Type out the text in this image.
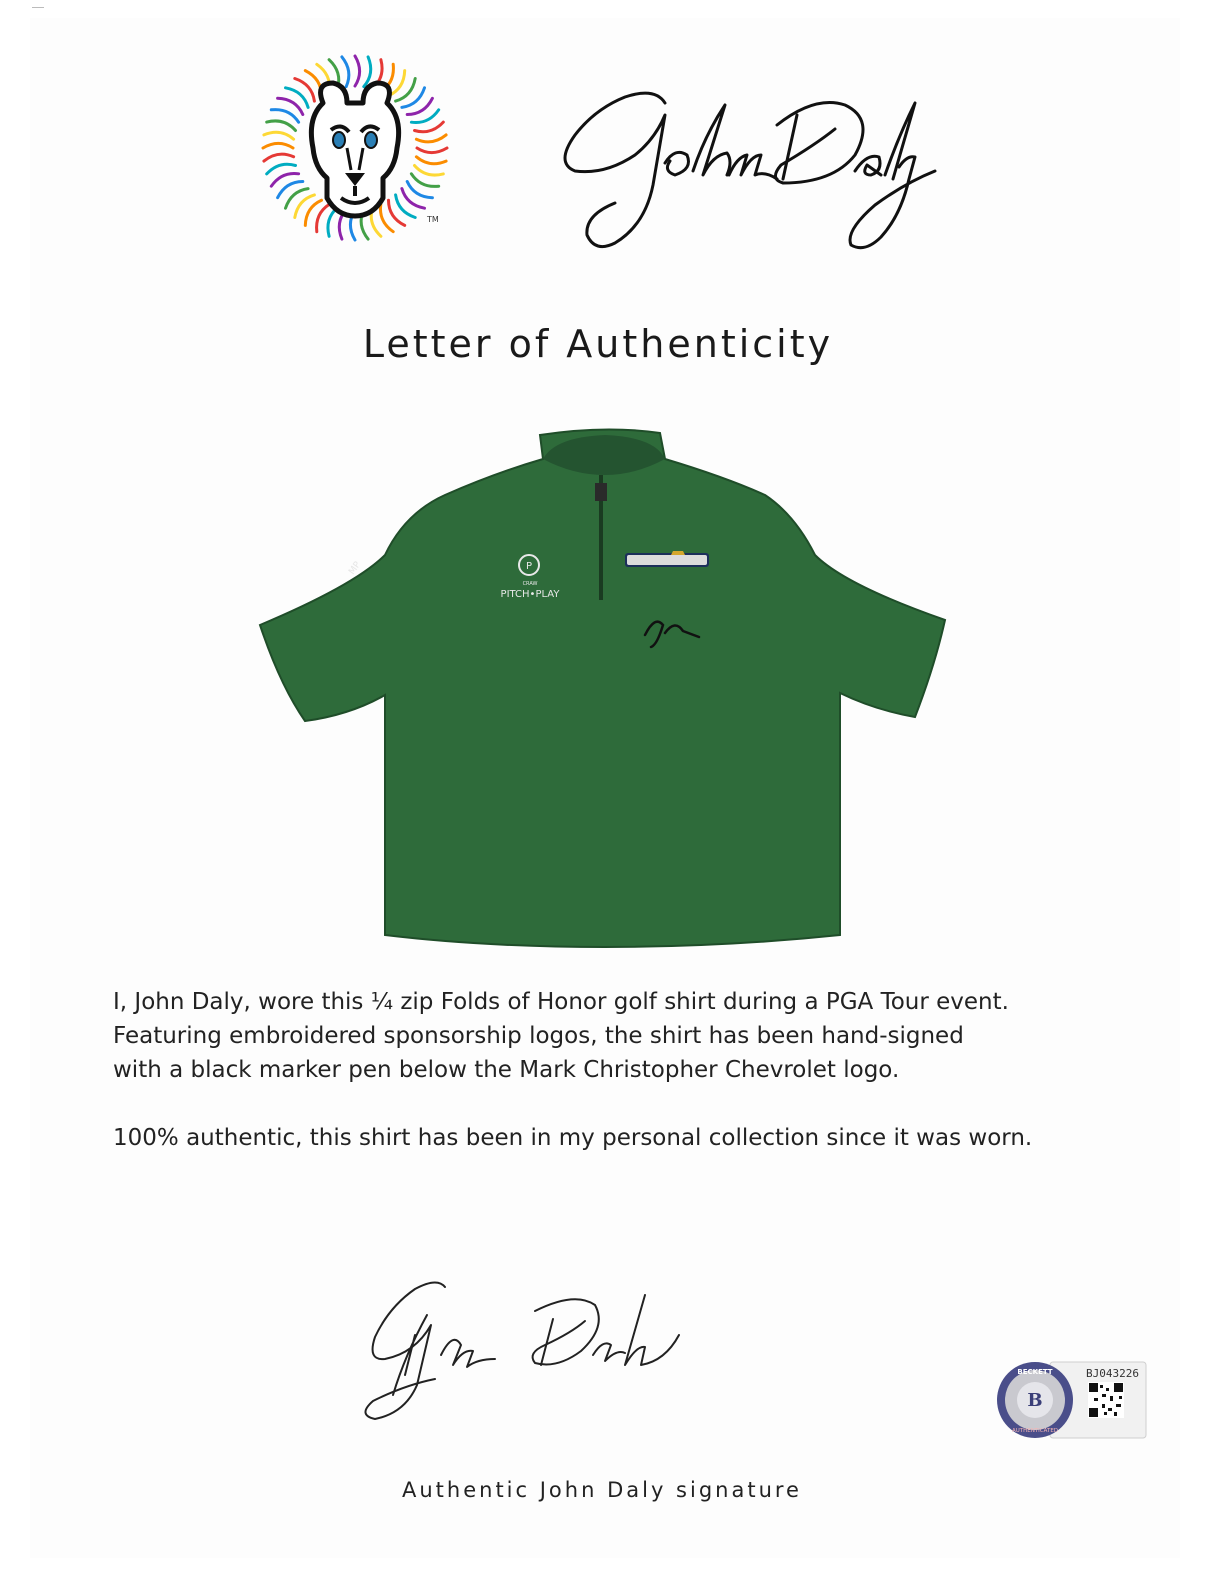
TM
Letter of Authenticity
P
CRAW
PITCH•PLAY
MP

I, John Daly, wore this ¼ zip Folds of Honor golf shirt during a PGA Tour event.
Featuring embroidered sponsorship logos, the shirt has been hand-signed
with a black marker pen below the Mark Christopher Chevrolet logo.

100% authentic, this shirt has been in my personal collection since it was worn.

Authentic John Daly signature
B
BECKETT
AUTHENTICATED
BJ043226
